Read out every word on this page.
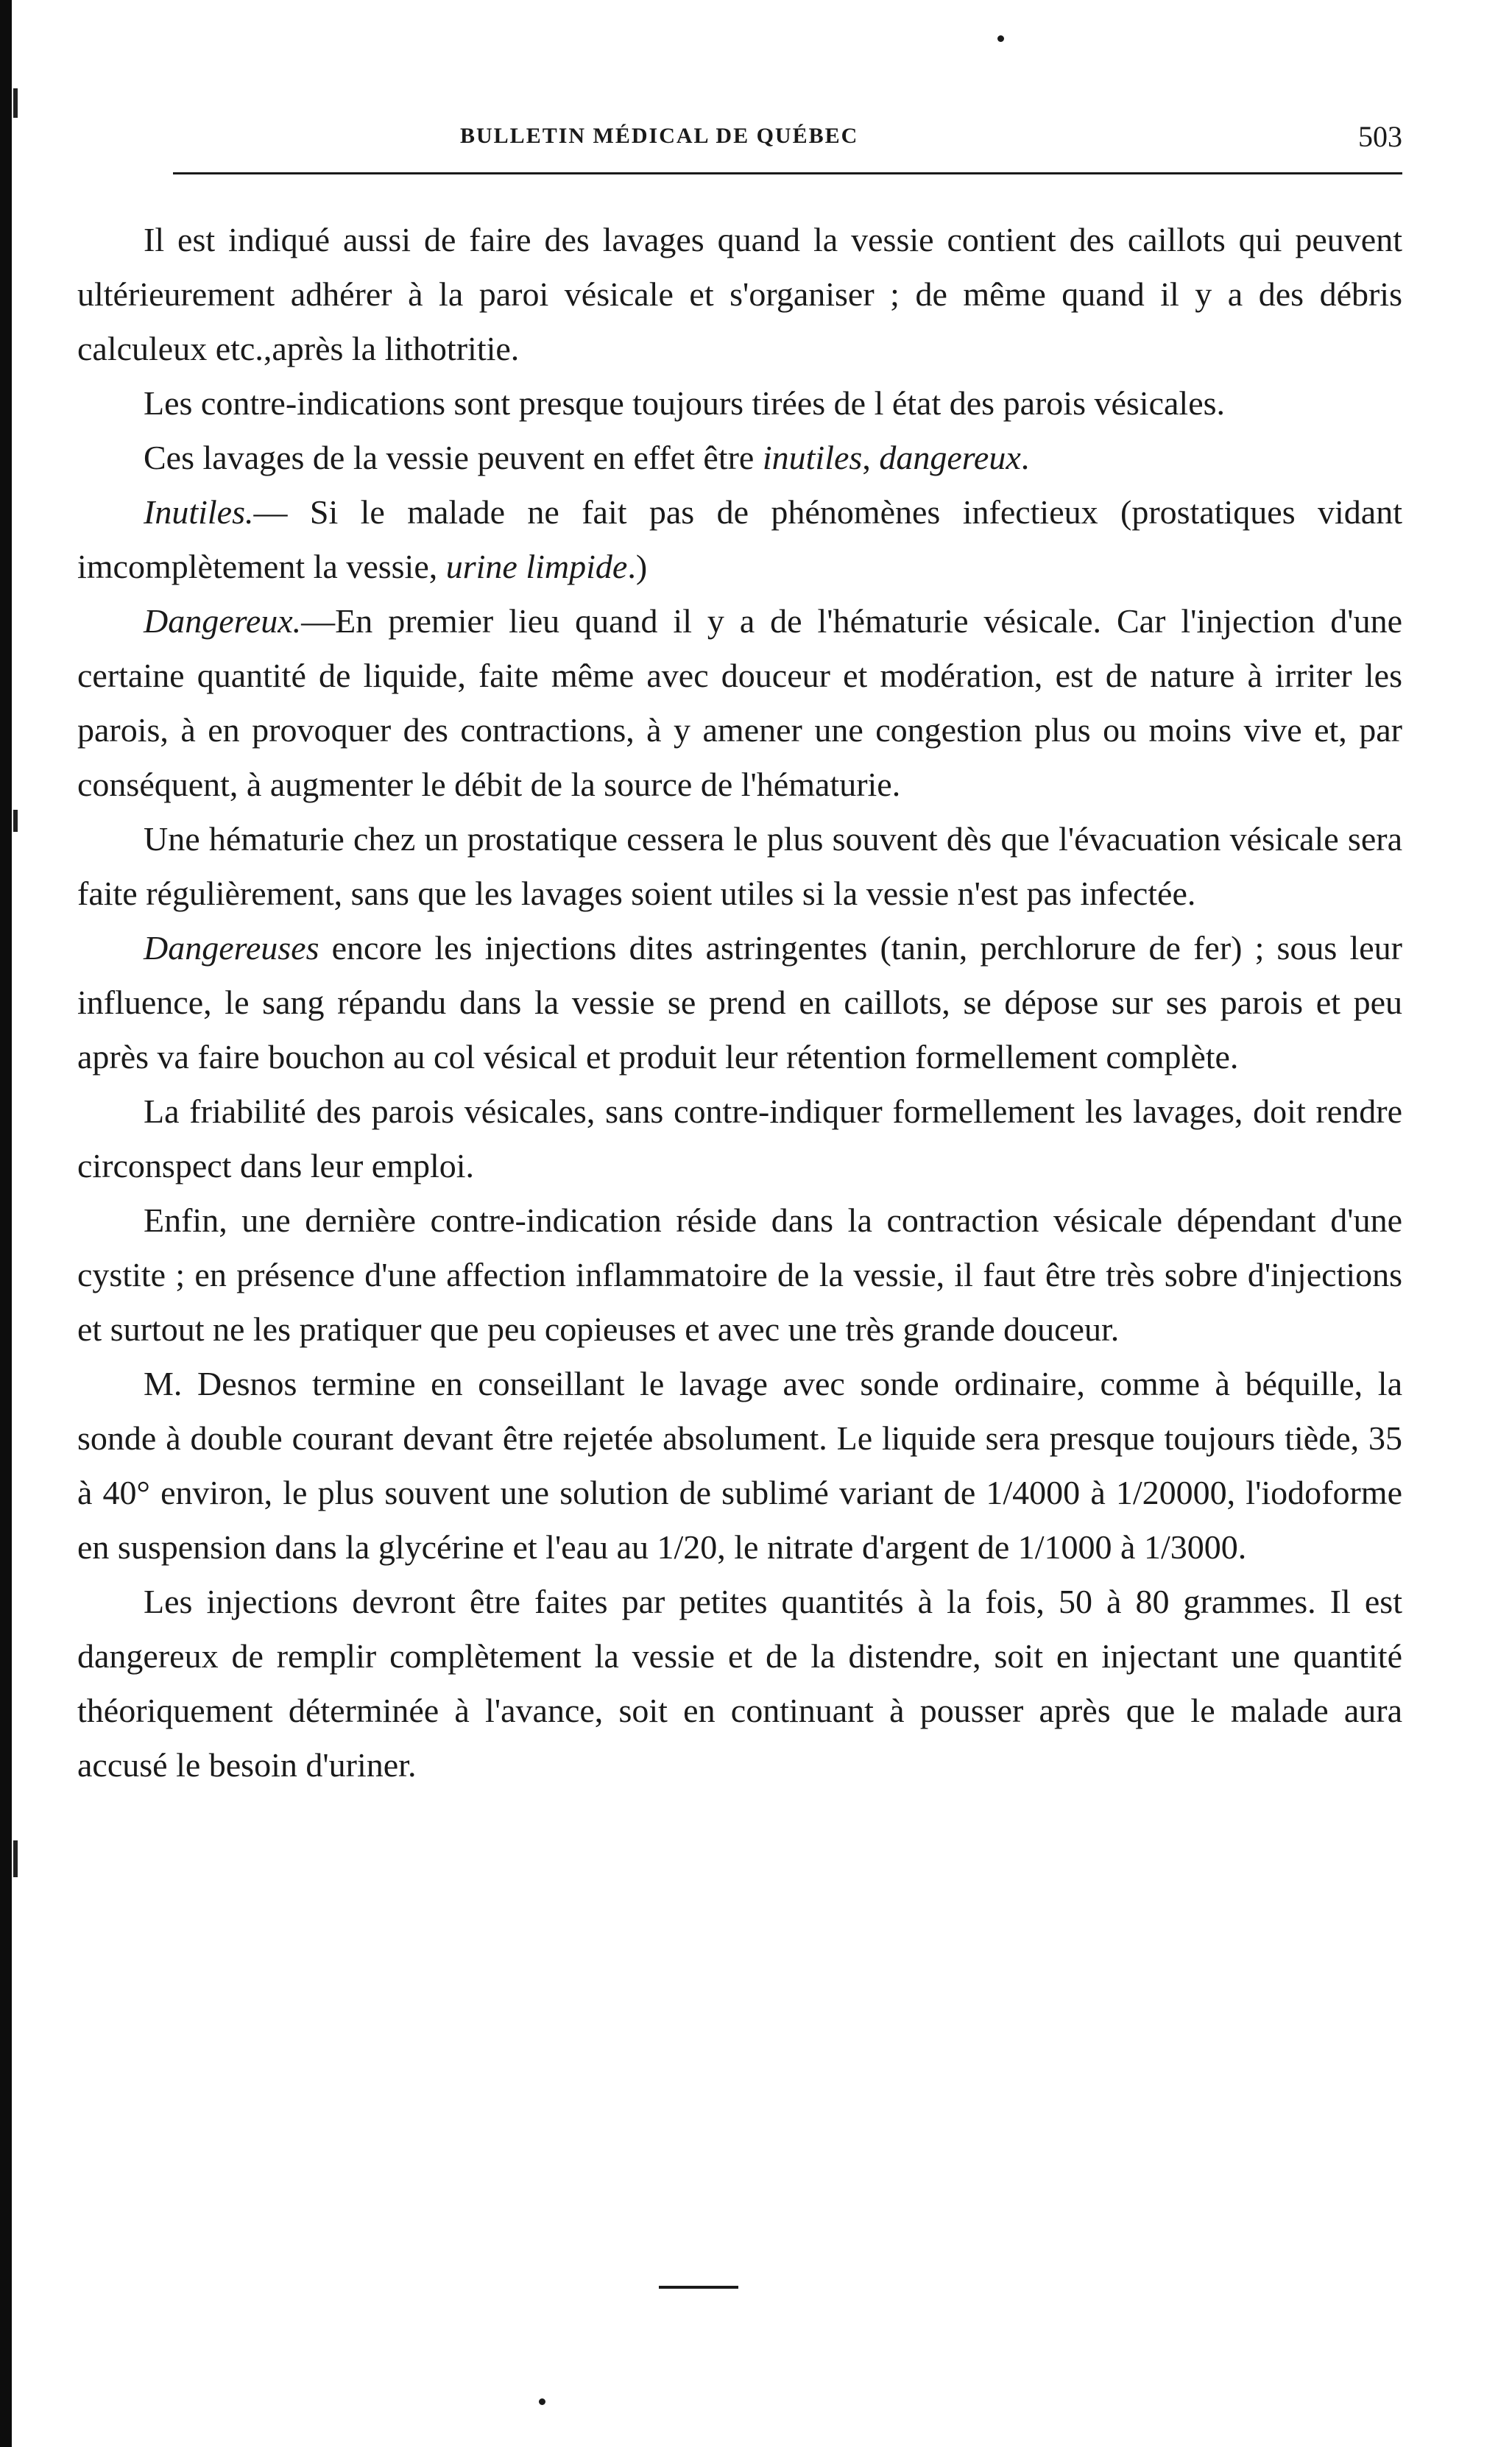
BULLETIN MÉDICAL DE QUÉBEC	503

Il est indiqué aussi de faire des lavages quand la vessie contient des caillots qui peuvent ultérieurement adhérer à la paroi vésicale et s'organiser ; de même quand il y a des débris calculeux etc.,après la lithotritie.

Les contre-indications sont presque toujours tirées de l état des parois vésicales.

Ces lavages de la vessie peuvent en effet être inutiles, dangereux.

Inutiles.— Si le malade ne fait pas de phénomènes infectieux (prostatiques vidant imcomplètement la vessie, urine limpide.)

Dangereux.—En premier lieu quand il y a de l'hématurie vésicale. Car l'injection d'une certaine quantité de liquide, faite même avec douceur et modération, est de nature à irriter les parois, à en provoquer des contractions, à y amener une congestion plus ou moins vive et, par conséquent, à augmenter le débit de la source de l'hématurie.

Une hématurie chez un prostatique cessera le plus souvent dès que l'évacuation vésicale sera faite régulièrement, sans que les lavages soient utiles si la vessie n'est pas infectée.

Dangereuses encore les injections dites astringentes (tanin, perchlorure de fer) ; sous leur influence, le sang répandu dans la vessie se prend en caillots, se dépose sur ses parois et peu après va faire bouchon au col vésical et produit leur rétention formellement complète.

La friabilité des parois vésicales, sans contre-indiquer formellement les lavages, doit rendre circonspect dans leur emploi.

Enfin, une dernière contre-indication réside dans la contraction vésicale dépendant d'une cystite ; en présence d'une affection inflammatoire de la vessie, il faut être très sobre d'injections et surtout ne les pratiquer que peu copieuses et avec une très grande douceur.

M. Desnos termine en conseillant le lavage avec sonde ordinaire, comme à béquille, la sonde à double courant devant être rejetée absolument. Le liquide sera presque toujours tiède, 35 à 40° environ, le plus souvent une solution de sublimé variant de 1/4000 à 1/20000, l'iodoforme en suspension dans la glycérine et l'eau au 1/20, le nitrate d'argent de 1/1000 à 1/3000.

Les injections devront être faites par petites quantités à la fois, 50 à 80 grammes. Il est dangereux de remplir complètement la vessie et de la distendre, soit en injectant une quantité théoriquement déterminée à l'avance, soit en continuant à pousser après que le malade aura accusé le besoin d'uriner.
